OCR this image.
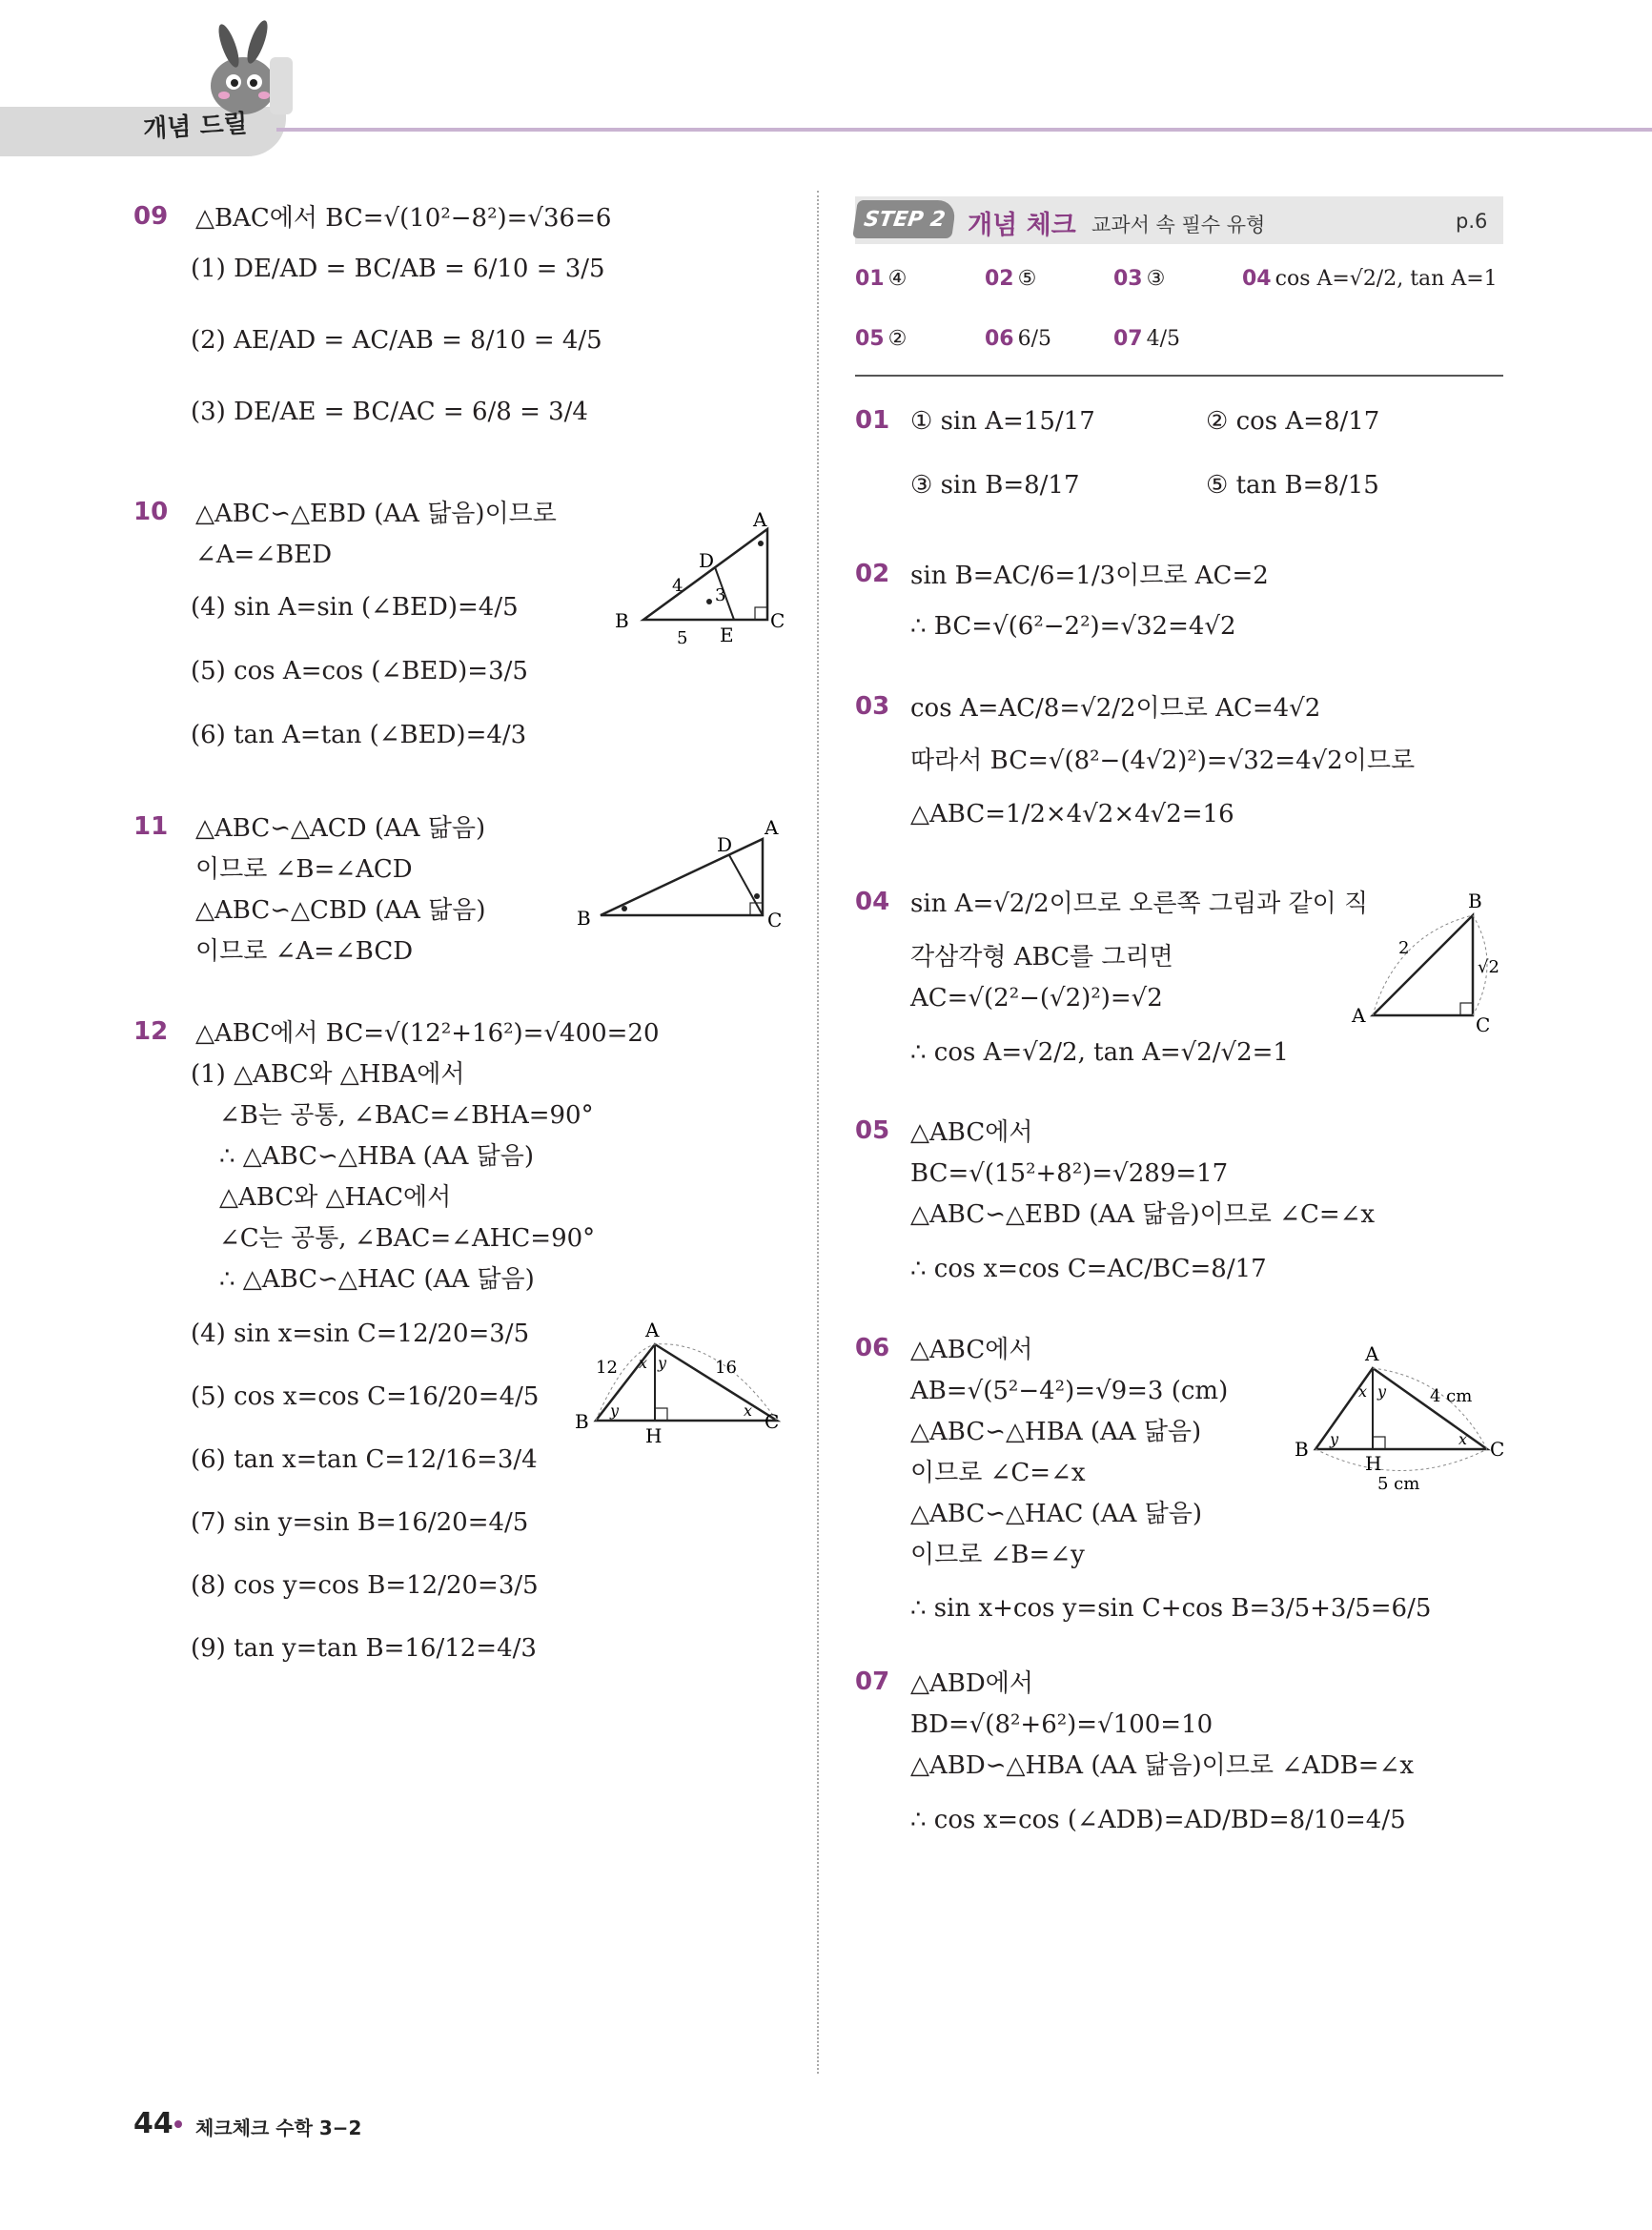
개념 드릴
09 △BAC에서 BC=√(10²−8²)=√36=6
(1) DE/AD = BC/AB = 6/10 = 3/5
(2) AE/AD = AC/AB = 8/10 = 4/5
(3) DE/AE = BC/AC = 6/8 = 3/4
10 △ABC∽△EBD (AA 닮음)이므로
∠A=∠BED
(4) sin A=sin (∠BED)=4/5
(5) cos A=cos (∠BED)=3/5
(6) tan A=tan (∠BED)=4/3
A
B	C
D
E
4 3
5
11 △ABC∽△ACD (AA 닮음)
이므로 ∠B=∠ACD
△ABC∽△CBD (AA 닮음)
이므로 ∠A=∠BCD
A
B	C
D
12 △ABC에서 BC=√(12²+16²)=√400=20
(1) △ABC와 △HBA에서
∠B는 공통, ∠BAC=∠BHA=90°
∴ △ABC∽△HBA (AA 닮음)
△ABC와 △HAC에서
∠C는 공통, ∠BAC=∠AHC=90°
∴ △ABC∽△HAC (AA 닮음)
(4) sin x=sin C=12/20=3/5
(5) cos x=cos C=16/20=4/5
(6) tan x=tan C=12/16=3/4
(7) sin y=sin B=16/20=4/5
(8) cos y=cos B=12/20=3/5
(9) tan y=tan B=16/12=4/3
A
B	C
H
12	16
x y
y	x
STEP 2 개념 체크 교과서 속 필수 유형	p.6
01 ④	02 ⑤	03 ③	04 cos A=√2/2, tan A=1
05 ②	06 6/5	07 4/5
01 ① sin A=15/17	② cos A=8/17
③ sin B=8/17	⑤ tan B=8/15
02 sin B=AC/6=1/3이므로 AC=2
∴ BC=√(6²−2²)=√32=4√2
03 cos A=AC/8=√2/2이므로 AC=4√2
따라서 BC=√(8²−(4√2)²)=√32=4√2이므로
△ABC=1/2×4√2×4√2=16
04 sin A=√2/2이므로 오른쪽 그림과 같이 직
각삼각형 ABC를 그리면
AC=√(2²−(√2)²)=√2
∴ cos A=√2/2, tan A=√2/√2=1
B
A	C
2
√2
05 △ABC에서
BC=√(15²+8²)=√289=17
△ABC∽△EBD (AA 닮음)이므로 ∠C=∠x
∴ cos x=cos C=AC/BC=8/17
06 △ABC에서
AB=√(5²−4²)=√9=3 (cm)
△ABC∽△HBA (AA 닮음)
이므로 ∠C=∠x
△ABC∽△HAC (AA 닮음)
이므로 ∠B=∠y
∴ sin x+cos y=sin C+cos B=3/5+3/5=6/5
A
B	C
H
4 cm
5 cm
x y
y	x
07 △ABD에서
BD=√(8²+6²)=√100=10
△ABD∽△HBA (AA 닮음)이므로 ∠ADB=∠x
∴ cos x=cos (∠ADB)=AD/BD=8/10=4/5
44 체크체크 수학 3−2
